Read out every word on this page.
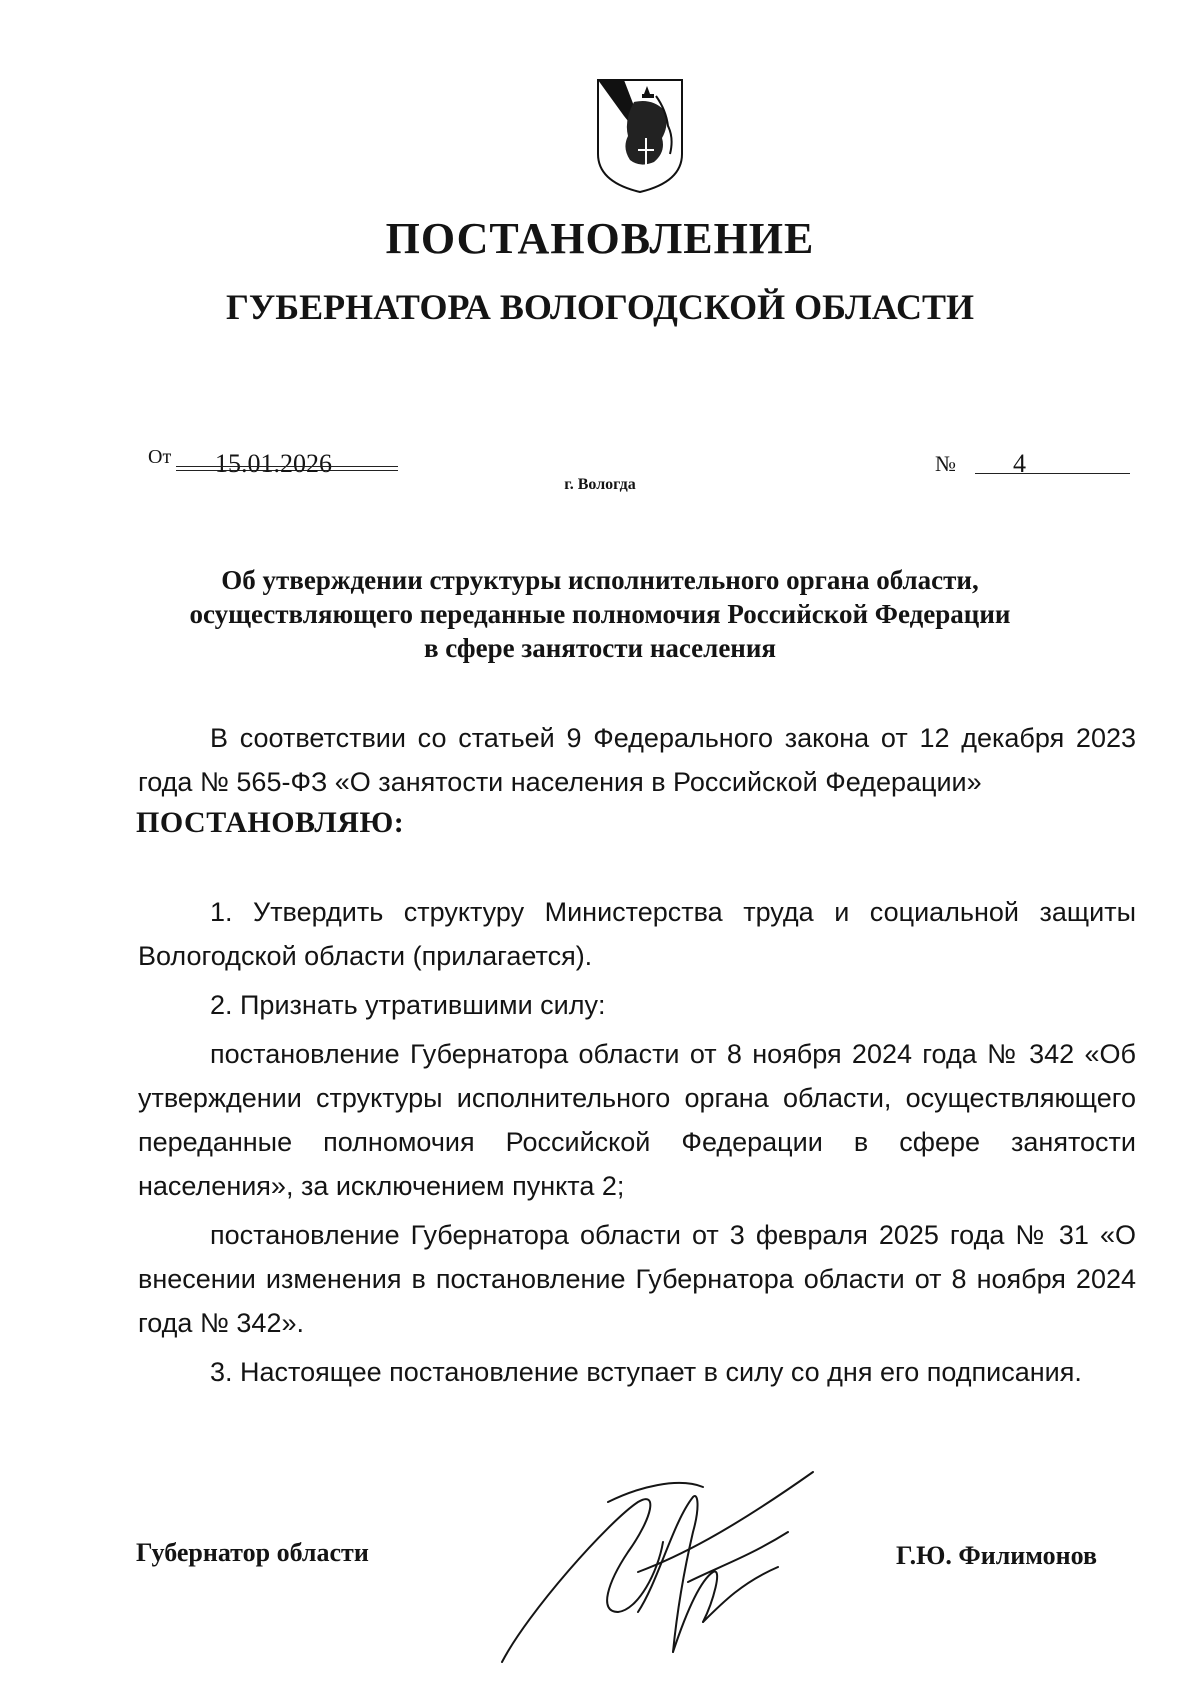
ПОСТАНОВЛЕНИЕ
ГУБЕРНАТОРА ВОЛОГОДСКОЙ ОБЛАСТИ
От 15.01.2026
г. Вологда
№ 4
Об утверждении структуры исполнительного органа области,
осуществляющего переданные полномочия Российской Федерации
в сфере занятости населения

В соответствии со статьей 9 Федерального закона от 12 декабря 2023 года № 565-ФЗ «О занятости населения в Российской Федерации»

ПОСТАНОВЛЯЮ:

1. Утвердить структуру Министерства труда и социальной защиты Вологодской области (прилагается).

2. Признать утратившими силу:

постановление Губернатора области от 8 ноября 2024 года № 342 «Об утверждении структуры исполнительного органа области, осуществляющего переданные полномочия Российской Федерации в сфере занятости населения», за исключением пункта 2;

постановление Губернатора области от 3 февраля 2025 года № 31 «О внесении изменения в постановление Губернатора области от 8 ноября 2024 года № 342».

3. Настоящее постановление вступает в силу со дня его подписания.

Губернатор области	Г.Ю. Филимонов
